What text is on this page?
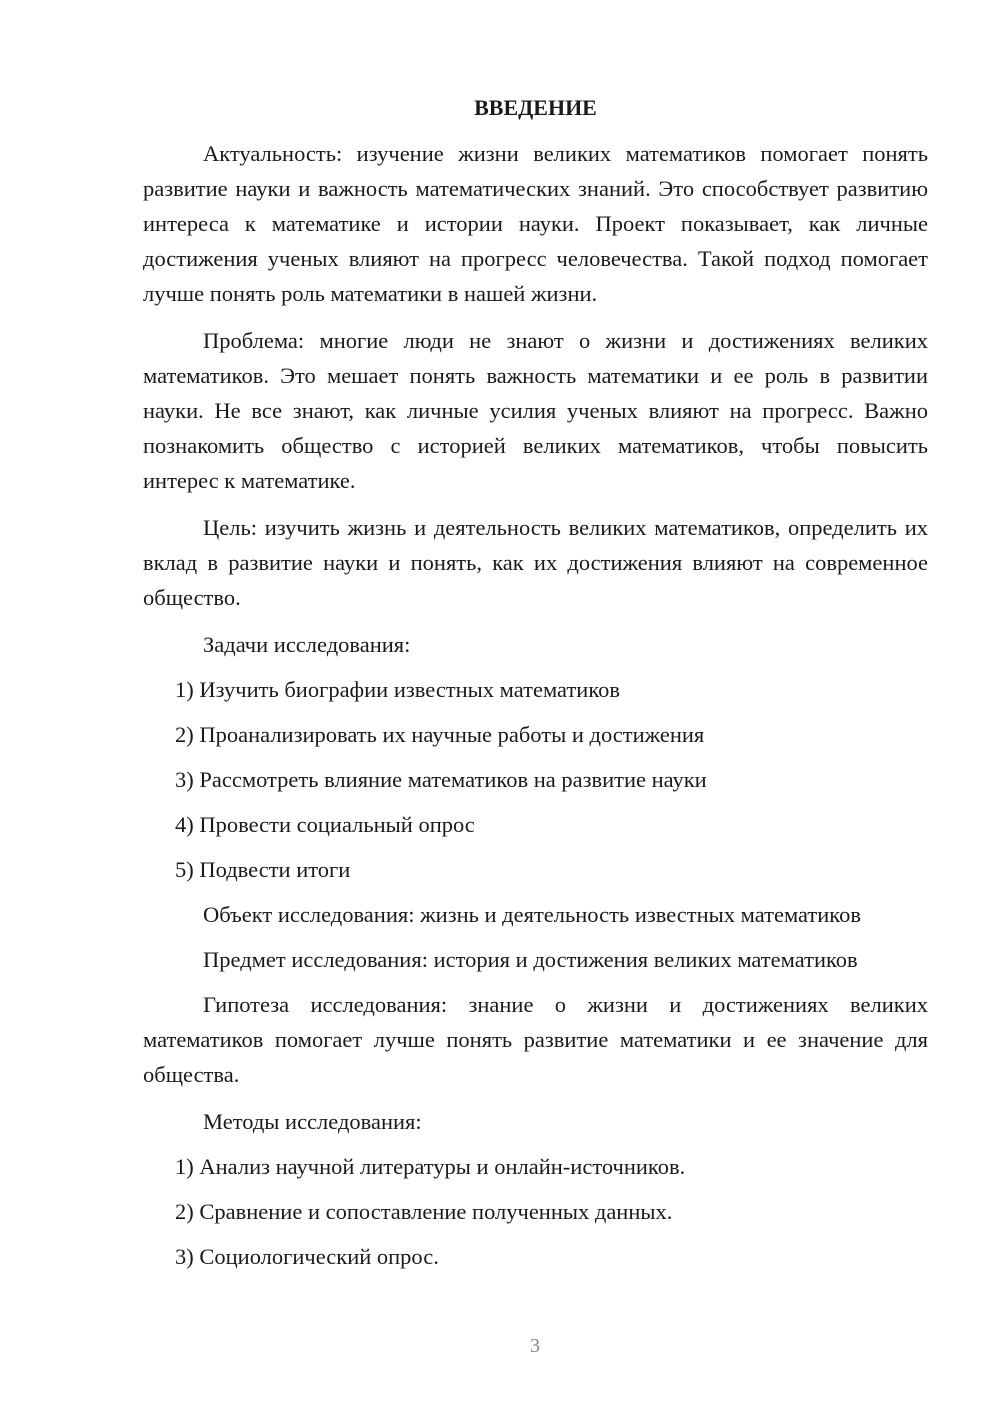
ВВЕДЕНИЕ

Актуальность: изучение жизни великих математиков помогает понять развитие науки и важность математических знаний. Это способствует развитию интереса к математике и истории науки. Проект показывает, как личные достижения ученых влияют на прогресс человечества. Такой подход помогает лучше понять роль математики в нашей жизни.

Проблема: многие люди не знают о жизни и достижениях великих математиков. Это мешает понять важность математики и ее роль в развитии науки. Не все знают, как личные усилия ученых влияют на прогресс. Важно познакомить общество с историей великих математиков, чтобы повысить интерес к математике.

Цель: изучить жизнь и деятельность великих математиков, определить их вклад в развитие науки и понять, как их достижения влияют на современное общество.

Задачи исследования:

1) Изучить биографии известных математиков
2) Проанализировать их научные работы и достижения
3) Рассмотреть влияние математиков на развитие науки
4) Провести социальный опрос
5) Подвести итоги

Объект исследования: жизнь и деятельность известных математиков

Предмет исследования: история и достижения великих математиков

Гипотеза исследования: знание о жизни и достижениях великих математиков помогает лучше понять развитие математики и ее значение для общества.

Методы исследования:

1) Анализ научной литературы и онлайн-источников.
2) Сравнение и сопоставление полученных данных.
3) Социологический опрос.
3
